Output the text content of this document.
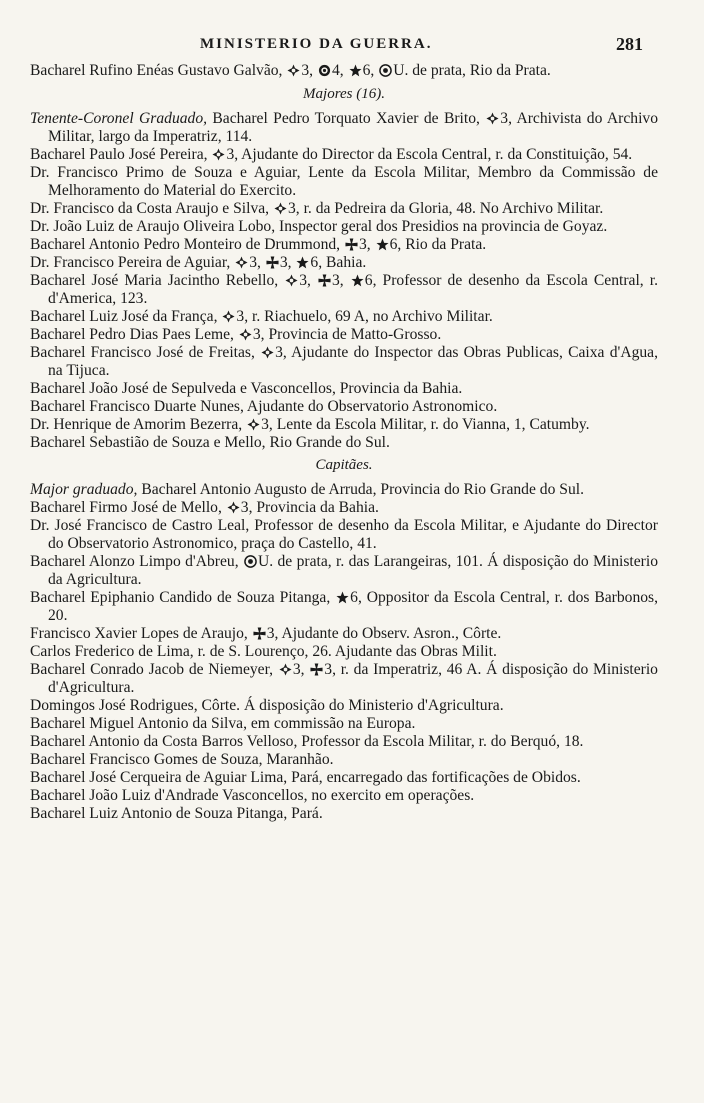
MINISTERIO DA GUERRA.	281

Bacharel Rufino Enéas Gustavo Galvão, 3, 4, 6, U. de prata, Rio da Prata.

Majores (16).

Tenente-Coronel Graduado, Bacharel Pedro Torquato Xavier de Brito, 3, Archivista do Archivo Militar, largo da Imperatriz, 114.

Bacharel Paulo José Pereira, 3, Ajudante do Director da Escola Central, r. da Constituição, 54.

Dr. Francisco Primo de Souza e Aguiar, Lente da Escola Militar, Membro da Commissão de Melhoramento do Material do Exercito.

Dr. Francisco da Costa Araujo e Silva, 3, r. da Pedreira da Gloria, 48. No Archivo Militar.

Dr. João Luiz de Araujo Oliveira Lobo, Inspector geral dos Presidios na provincia de Goyaz.

Bacharel Antonio Pedro Monteiro de Drummond, 3, 6, Rio da Prata.

Dr. Francisco Pereira de Aguiar, 3, 3, 6, Bahia.

Bacharel José Maria Jacintho Rebello, 3, 3, 6, Professor de desenho da Escola Central, r. d'America, 123.

Bacharel Luiz José da França, 3, r. Riachuelo, 69 A, no Archivo Militar.

Bacharel Pedro Dias Paes Leme, 3, Provincia de Matto-Grosso.

Bacharel Francisco José de Freitas, 3, Ajudante do Inspector das Obras Publicas, Caixa d'Agua, na Tijuca.

Bacharel João José de Sepulveda e Vasconcellos, Provincia da Bahia.

Bacharel Francisco Duarte Nunes, Ajudante do Observatorio Astronomico.

Dr. Henrique de Amorim Bezerra, 3, Lente da Escola Militar, r. do Vianna, 1, Catumby.

Bacharel Sebastião de Souza e Mello, Rio Grande do Sul.

Capitães.

Major graduado, Bacharel Antonio Augusto de Arruda, Provincia do Rio Grande do Sul.

Bacharel Firmo José de Mello, 3, Provincia da Bahia.

Dr. José Francisco de Castro Leal, Professor de desenho da Escola Militar, e Ajudante do Director do Observatorio Astronomico, praça do Castello, 41.

Bacharel Alonzo Limpo d'Abreu, U. de prata, r. das Larangeiras, 101. Á disposição do Ministerio da Agricultura.

Bacharel Epiphanio Candido de Souza Pitanga, 6, Oppositor da Escola Central, r. dos Barbonos, 20.

Francisco Xavier Lopes de Araujo, 3, Ajudante do Observ. Asron., Côrte.

Carlos Frederico de Lima, r. de S. Lourenço, 26. Ajudante das Obras Milit.

Bacharel Conrado Jacob de Niemeyer, 3, 3, r. da Imperatriz, 46 A. Á disposição do Ministerio d'Agricultura.

Domingos José Rodrigues, Côrte. Á disposição do Ministerio d'Agricultura.

Bacharel Miguel Antonio da Silva, em commissão na Europa.

Bacharel Antonio da Costa Barros Velloso, Professor da Escola Militar, r. do Berquó, 18.

Bacharel Francisco Gomes de Souza, Maranhão.

Bacharel José Cerqueira de Aguiar Lima, Pará, encarregado das fortificações de Obidos.

Bacharel João Luiz d'Andrade Vasconcellos, no exercito em operações.

Bacharel Luiz Antonio de Souza Pitanga, Pará.
